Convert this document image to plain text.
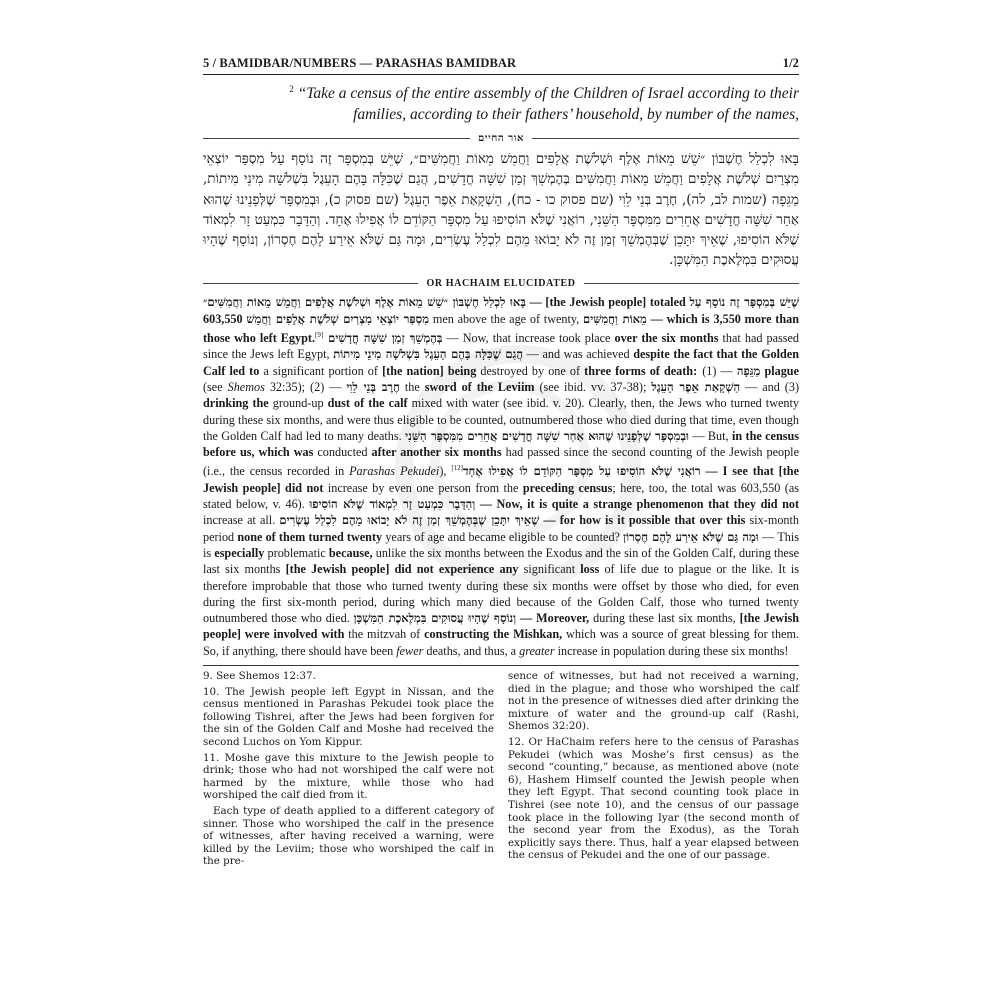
5 / BAMIDBAR/NUMBERS — PARASHAS BAMIDBAR	1/2
$^2$ “Take a census of the entire assembly of the Children of Israel according to their families, according to their fathers’ household, by number of the names,
אור החיים

בָּאוּ לִכְלַל חֶשְׁבּוֹן ״שֵׁשׁ מֵאוֹת אֶלֶף וּשְׁלֹשֶׁת אֲלָפִים וַחֲמֵשׁ מֵאוֹת וַחֲמִשִּׁים״, שֶׁיֵּשׁ בְּמִסְפָּר זֶה נוֹסָף עַל מִסְפַּר יוֹצְאֵי מִצְרַיִם שְׁלֹשֶׁת אֲלָפִים וַחֲמֵשׁ מֵאוֹת וַחֲמִשִּׁים בְּהֶמְשֵׁךְ זְמַן שִׁשָּׁה חֳדָשִׁים, הֲגַם שֶׁכִּלָּה בָּהֶם הָעֵגֶל בִּשְׁלֹשָׁה מִינֵי מִיתוֹת, מַגֵּפָה (שמות לב, לה), חֶרֶב בְּנֵי לֵוִי (שם פסוק כו - כח), הַשְׁקָאַת אֵפֶר הָעֵגֶל (שם פסוק כ), וּבְמִסְפָּר שֶׁלְּפָנֵינוּ שֶׁהוּא אַחַר שִׁשָּׁה חֳדָשִׁים אֲחֵרִים מִמִּסְפָּר הַשֵּׁנִי, רוֹאֲנִי שֶׁלֹּא הוֹסִיפוּ עַל מִסְפָּר הַקּוֹדֵם לוֹ אֲפִילוּ אֶחָד. וְהַדָּבָר כִּמְעַט זָר לִמְאוֹד שֶׁלֹּא הוֹסִיפוּ, שֶׁאֵיךְ יִתָּכֵן שֶׁבְּהֶמְשֵׁךְ זְמַן זֶה לֹא יָבוֹאוּ מֵהֶם לִכְלַל עֶשְׂרִים, וּמָה גַּם שֶׁלֹּא אֵירַע לָהֶם חֶסְרוֹן, וְנוֹסָף שֶׁהָיוּ עֲסוּקִים בִּמְלֶאכֶת הַמִּשְׁכָּן.

OR HACHAIM ELUCIDATED

בָּאוּ לִכְלַל חֶשְׁבּוֹן ״שֵׁשׁ מֵאוֹת אֶלֶף וּשְׁלֹשֶׁת אֲלָפִים וַחֲמֵשׁ מֵאוֹת וַחֲמִשִּׁים״ — [the Jewish people] totaled שֶׁיֵּשׁ בְּמִסְפָּר זֶה נוֹסָף עַל מִסְפַּר יוֹצְאֵי מִצְרַיִם שְׁלֹשֶׁת אֲלָפִים וַחֲמֵשׁ 603,550	men above the age of twenty, מֵאוֹת וַחֲמִשִּׁים — which is 3,550 more than those who left Egypt.[9] בְּהֶמְשֵׁךְ זְמַן שִׁשָּׁה חֳדָשִׁים — Now, that increase took place over the six months that had passed since the Jews left Egypt, הֲגַם שֶׁכִּלָּה בָּהֶם הָעֵגֶל בִּשְׁלֹשָׁה מִינֵי מִיתוֹת — and was achieved despite the fact that the Golden Calf led to a significant portion of [the nation] being destroyed by one of three forms of death: מַגֵּפָה — (1) plague (see Shemos 32:35);	חֶרֶב בְּנֵי לֵוִי — (2) the sword of the Leviim (see ibid. vv. 37-38); הַשְׁקָאַת אֵפֶר הָעֵגֶל — and (3) drinking the ground-up dust of the calf mixed with water (see ibid. v. 20). Clearly, then, the Jews who turned twenty during these six months, and were thus eligible to be counted, outnumbered those who died during that time, even though the Golden Calf had led to many deaths. וּבְמִסְפָּר שֶׁלְּפָנֵינוּ שֶׁהוּא אַחַר שִׁשָּׁה חֳדָשִׁים אֲחֵרִים מִמִּסְפָּר הַשֵּׁנִי — But, in the census before us, which was conducted after another six months had passed since the second counting of the Jewish people (i.e., the census recorded in Parashas Pekudei), [12]רוֹאֲנִי שֶׁלֹּא הוֹסִיפוּ עַל מִסְפָּר הַקּוֹדֵם לוֹ אֲפִילוּ אֶחָד — I see that [the Jewish people] did not increase by even one person from the preceding census; here, too, the total was 603,550 (as stated below, v. 46). וְהַדָּבָר כִּמְעַט זָר לִמְאוֹד שֶׁלֹּא הוֹסִיפוּ — Now, it is quite a strange phenomenon that they did not increase at all. שֶׁאֵיךְ יִתָּכֵן שֶׁבְּהֶמְשֵׁךְ זְמַן זֶה לֹא יָבוֹאוּ מֵהֶם לִכְלַל עֶשְׂרִים — for how is it possible that over this six-month period none of them turned twenty years of age and became eligible to be counted? וּמָה גַּם שֶׁלֹּא אֵירַע לָהֶם חֶסְרוֹן — This is especially problematic because, unlike the six months between the Exodus and the sin of the Golden Calf, during these last six months [the Jewish people] did not experience any significant loss of life due to plague or the like. It is therefore improbable that those who turned twenty during these six months were offset by those who died, for even during the first six-month period, during which many died because of the Golden Calf, those who turned twenty outnumbered those who died. וְנוֹסָף שֶׁהָיוּ עֲסוּקִים בִּמְלֶאכֶת הַמִּשְׁכָּן — Moreover, during these last six months, [the Jewish people] were involved with the mitzvah of constructing the Mishkan, which was a source of great blessing for them. So, if anything, there should have been fewer deaths, and thus, a greater increase in population during these six months!

9. See Shemos 12:37.

10. The Jewish people left Egypt in Nissan, and the census mentioned in Parashas Pekudei took place the following Tishrei, after the Jews had been forgiven for the sin of the Golden Calf and Moshe had received the second Luchos on Yom Kippur.

11. Moshe gave this mixture to the Jewish people to drink; those who had not worshiped the calf were not harmed by the mixture, while those who had worshiped the calf died from it.

Each type of death applied to a different category of sinner. Those who worshiped the calf in the presence of witnesses, after having received a warning, were killed by the Leviim; those who worshiped the calf in the pre-

sence of witnesses, but had not received a warning, died in the plague; and those who worshiped the calf not in the presence of witnesses died after drinking the mixture of water and the ground-up calf (Rashi, Shemos 32:20).

12. Or HaChaim refers here to the census of Parashas Pekudei (which was Moshe’s first census) as the second “counting,” because, as mentioned above (note 6), Hashem Himself counted the Jewish people when they left Egypt. That second counting took place in Tishrei (see note 10), and the census of our passage took place in the following Iyar (the second month of the second year from the Exodus), as the Torah explicitly says there. Thus, half a year elapsed between the census of Pekudei and the one of our passage.
